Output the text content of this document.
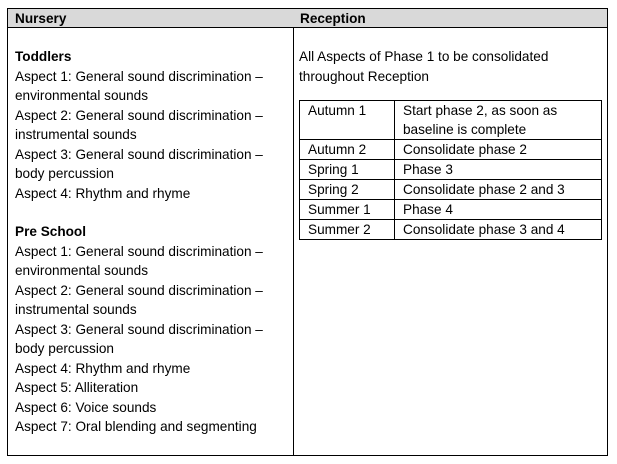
Nursery
Toddlers
Aspect 1: General sound discrimination –
environmental sounds
Aspect 2: General sound discrimination –
instrumental sounds
Aspect 3: General sound discrimination –
body percussion
Aspect 4: Rhythm and rhyme
Pre School
Aspect 1: General sound discrimination –
environmental sounds
Aspect 2: General sound discrimination –
instrumental sounds
Aspect 3: General sound discrimination –
body percussion
Aspect 4: Rhythm and rhyme
Aspect 5: Alliteration
Aspect 6: Voice sounds
Aspect 7: Oral blending and segmenting
Reception
All Aspects of Phase 1 to be consolidated
throughout Reception
Autumn 1	Start phase 2, as soon as
baseline is complete

Autumn 2	Consolidate phase 2
Spring 1	Phase 3
Spring 2	Consolidate phase 2 and 3
Summer 1	Phase 4
Summer 2	Consolidate phase 3 and 4
